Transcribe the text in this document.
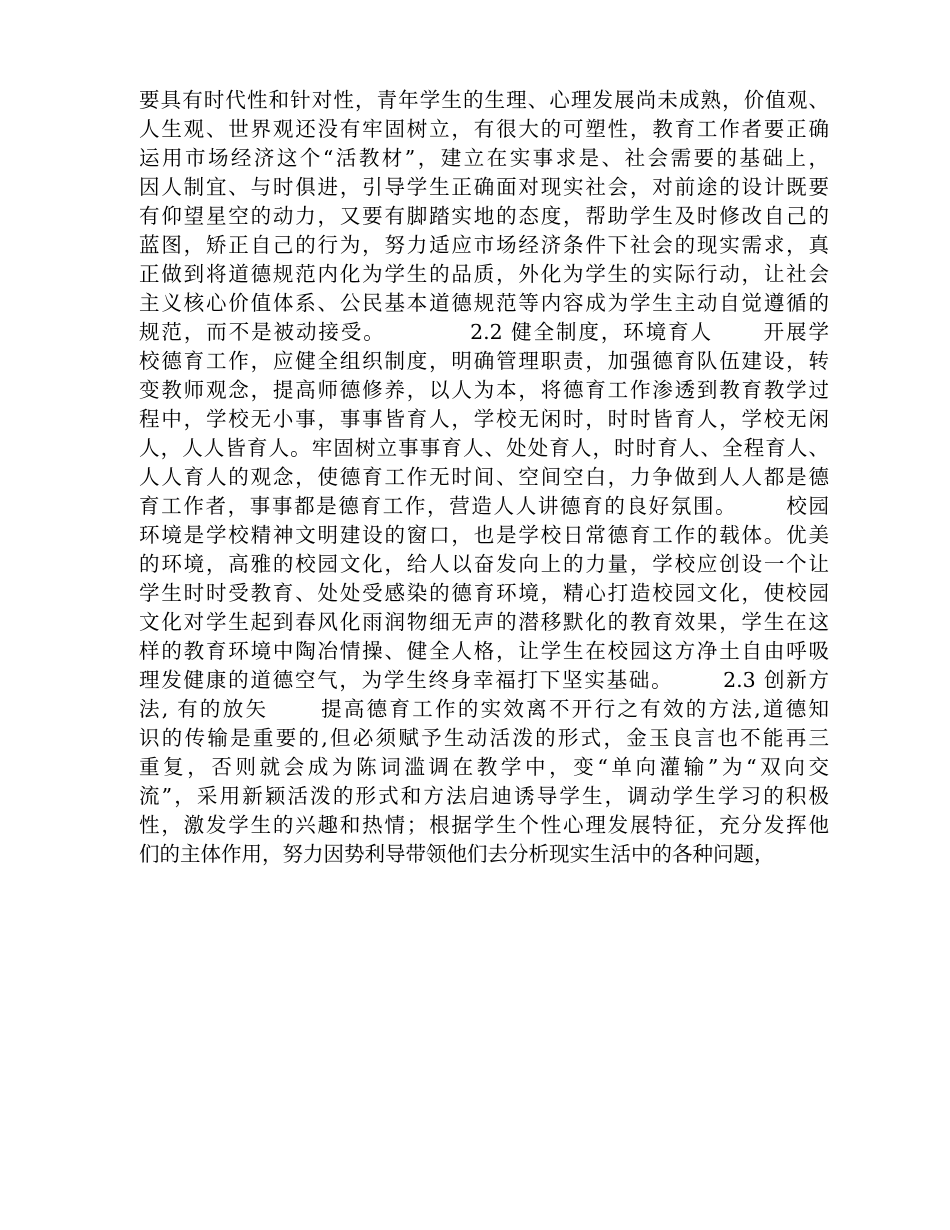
要具有时代性和针对性，青年学生的生理、心理发展尚未成熟，价值观、
人生观、世界观还没有牢固树立，有很大的可塑性，教育工作者要正确
运用市场经济这个“活教材”，建立在实事求是、社会需要的基础上，
因人制宜、与时俱进，引导学生正确面对现实社会，对前途的设计既要
有仰望星空的动力，又要有脚踏实地的态度，帮助学生及时修改自己的
蓝图，矫正自己的行为，努力适应市场经济条件下社会的现实需求，真
正做到将道德规范内化为学生的品质，外化为学生的实际行动，让社会
主义核心价值体系、公民基本道德规范等内容成为学生主动自觉遵循的
规范，而不是被动接受。          2.2 健全制度，环境育人      开展学
校德育工作，应健全组织制度，明确管理职责，加强德育队伍建设，转
变教师观念，提高师德修养，以人为本，将德育工作渗透到教育教学过
程中，学校无小事，事事皆育人，学校无闲时，时时皆育人，学校无闲
人，人人皆育人。牢固树立事事育人、处处育人，时时育人、全程育人、
人人育人的观念，使德育工作无时间、空间空白，力争做到人人都是德
育工作者，事事都是德育工作，营造人人讲德育的良好氛围。      校园
环境是学校精神文明建设的窗口，也是学校日常德育工作的载体。优美
的环境，高雅的校园文化，给人以奋发向上的力量，学校应创设一个让
学生时时受教育、处处受感染的德育环境，精心打造校园文化，使校园
文化对学生起到春风化雨润物细无声的潜移默化的教育效果，学生在这
样的教育环境中陶冶情操、健全人格，让学生在校园这方净土自由呼吸
理发健康的道德空气，为学生终身幸福打下坚实基础。      2.3 创新方
法, 有的放矢      提高德育工作的实效离不开行之有效的方法,道德知
识的传输是重要的,但必须赋予生动活泼的形式，金玉良言也不能再三
重复，否则就会成为陈词滥调在教学中，变“单向灌输”为“双向交
流”，采用新颖活泼的形式和方法启迪诱导学生，调动学生学习的积极
性，激发学生的兴趣和热情；根据学生个性心理发展特征，充分发挥他
们的主体作用，努力因势利导带领他们去分析现实生活中的各种问题，
